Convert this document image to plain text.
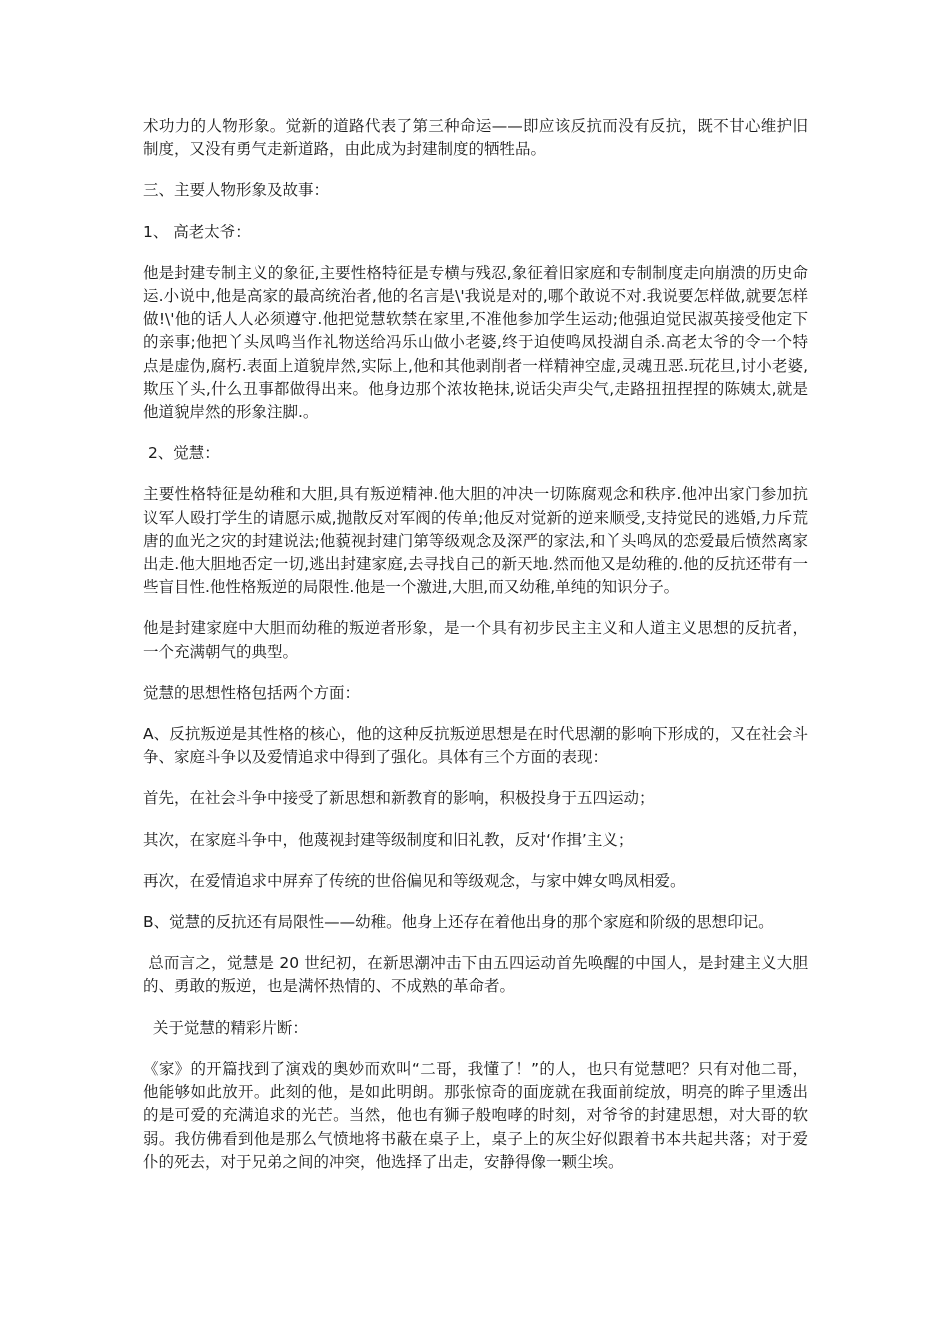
术功力的人物形象。觉新的道路代表了第三种命运——即应该反抗而没有反抗，既不甘心维护旧制度，又没有勇气走新道路，由此成为封建制度的牺牲品。

三、主要人物形象及故事：

1、 高老太爷：

他是封建专制主义的象征,主要性格特征是专横与残忍,象征着旧家庭和专制制度走向崩溃的历史命运.小说中,他是高家的最高统治者,他的名言是\'我说是对的,哪个敢说不对.我说要怎样做,就要怎样做!\'他的话人人必须遵守.他把觉慧软禁在家里,不准他参加学生运动;他强迫觉民淑英接受他定下的亲事;他把丫头凤鸣当作礼物送给冯乐山做小老婆,终于迫使鸣凤投湖自杀.高老太爷的令一个特点是虚伪,腐朽.表面上道貌岸然,实际上,他和其他剥削者一样精神空虚,灵魂丑恶.玩花旦,讨小老婆,欺压丫头,什么丑事都做得出来。他身边那个浓妆艳抹,说话尖声尖气,走路扭扭捏捏的陈姨太,就是他道貌岸然的形象注脚.。

2、觉慧：

主要性格特征是幼稚和大胆,具有叛逆精神.他大胆的冲决一切陈腐观念和秩序.他冲出家门参加抗议军人殴打学生的请愿示威,抛散反对军阀的传单;他反对觉新的逆来顺受,支持觉民的逃婚,力斥荒唐的血光之灾的封建说法;他藐视封建门第等级观念及深严的家法,和丫头鸣凤的恋爱最后愤然离家出走.他大胆地否定一切,逃出封建家庭,去寻找自己的新天地.然而他又是幼稚的.他的反抗还带有一些盲目性.他性格叛逆的局限性.他是一个激进,大胆,而又幼稚,单纯的知识分子。

他是封建家庭中大胆而幼稚的叛逆者形象，是一个具有初步民主主义和人道主义思想的反抗者，一个充满朝气的典型。

觉慧的思想性格包括两个方面：

A、反抗叛逆是其性格的核心，他的这种反抗叛逆思想是在时代思潮的影响下形成的，又在社会斗争、家庭斗争以及爱情追求中得到了强化。具体有三个方面的表现：

首先，在社会斗争中接受了新思想和新教育的影响，积极投身于五四运动；

其次，在家庭斗争中，他蔑视封建等级制度和旧礼教，反对‘作揖’主义；

再次，在爱情追求中屏弃了传统的世俗偏见和等级观念，与家中婢女鸣凤相爱。

B、觉慧的反抗还有局限性——幼稚。他身上还存在着他出身的那个家庭和阶级的思想印记。

总而言之，觉慧是 20 世纪初，在新思潮冲击下由五四运动首先唤醒的中国人，是封建主义大胆的、勇敢的叛逆，也是满怀热情的、不成熟的革命者。

关于觉慧的精彩片断：

《家》的开篇找到了演戏的奥妙而欢叫“二哥，我懂了！”的人，也只有觉慧吧？只有对他二哥，他能够如此放开。此刻的他，是如此明朗。那张惊奇的面庞就在我面前绽放，明亮的眸子里透出的是可爱的充满追求的光芒。当然，他也有狮子般咆哮的时刻，对爷爷的封建思想，对大哥的软弱。我仿佛看到他是那么气愤地将书蔽在桌子上，桌子上的灰尘好似跟着书本共起共落；对于爱仆的死去，对于兄弟之间的冲突，他选择了出走，安静得像一颗尘埃。
